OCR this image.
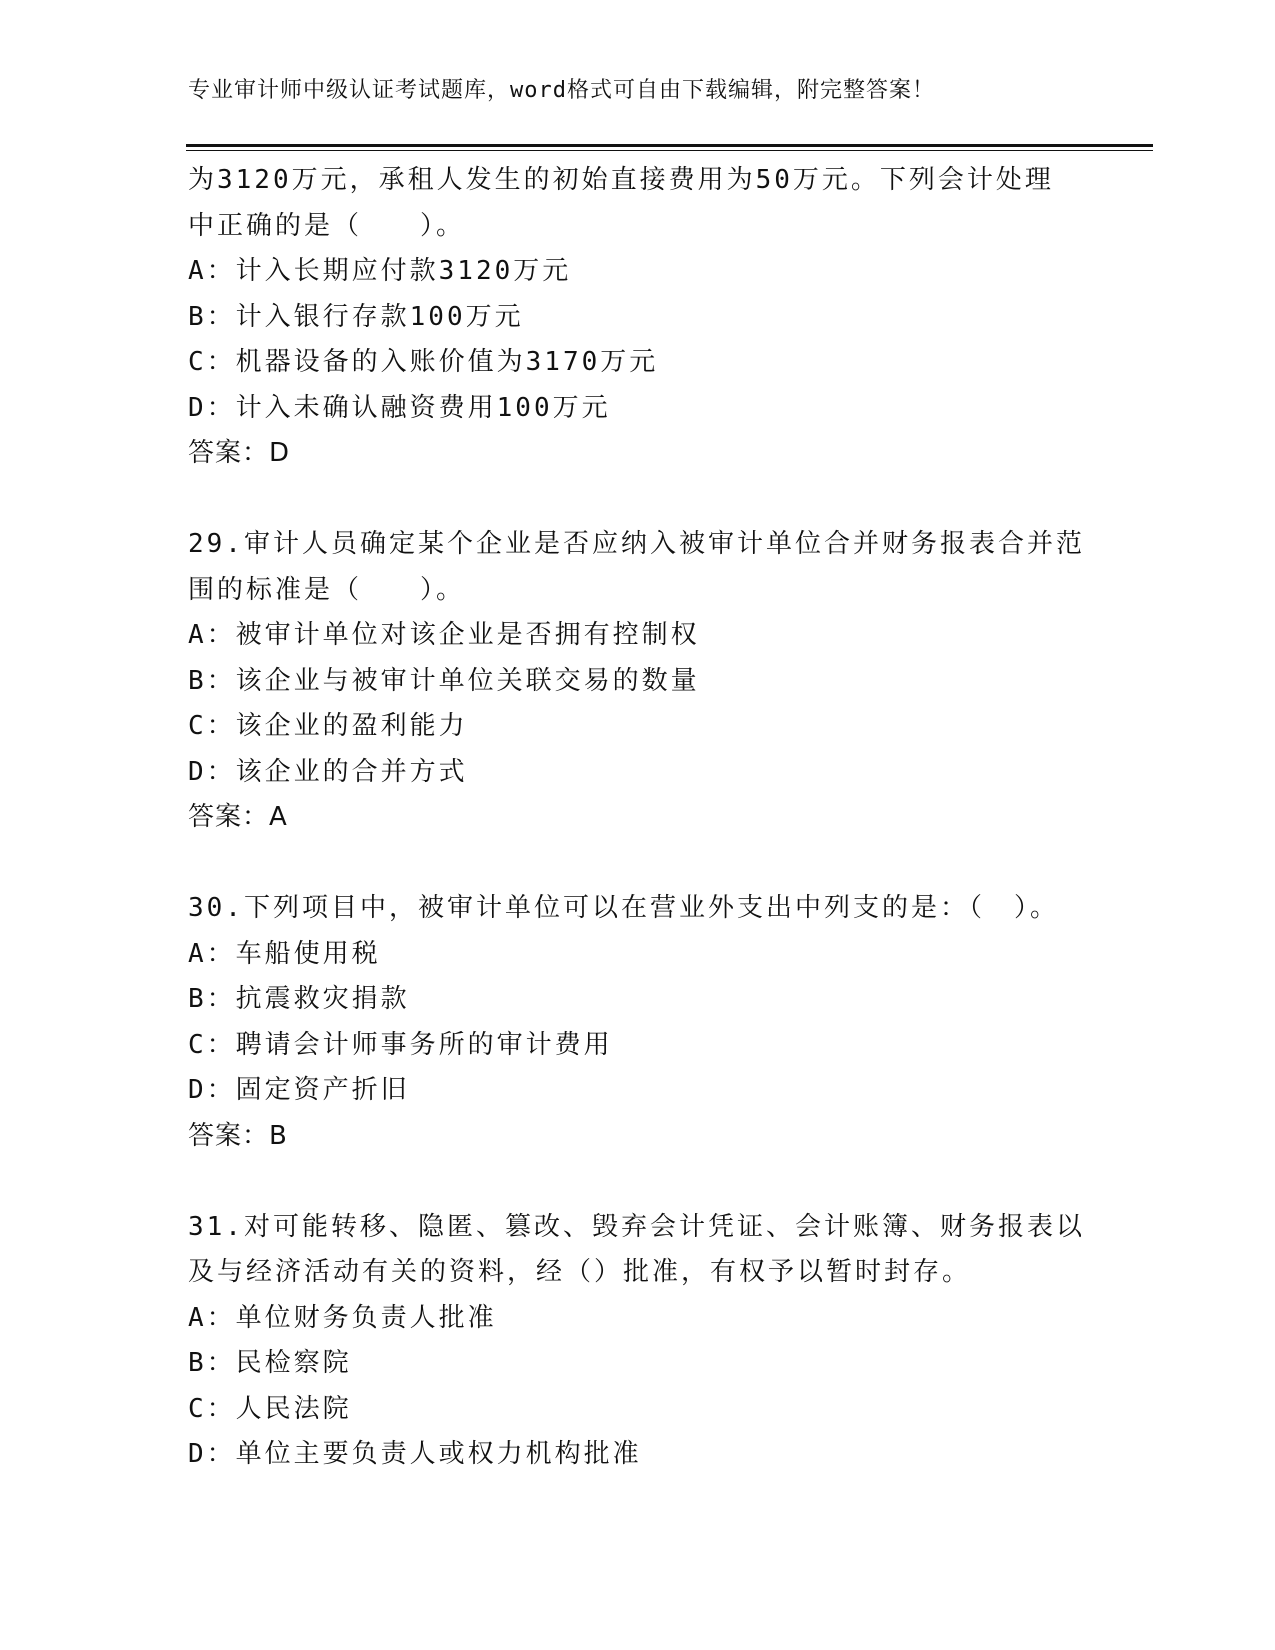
专业审计师中级认证考试题库，word格式可自由下载编辑，附完整答案！
为3120万元，承租人发生的初始直接费用为50万元。下列会计处理
中正确的是（　　）。
A：计入长期应付款3120万元
B：计入银行存款100万元
C：机器设备的入账价值为3170万元
D：计入未确认融资费用100万元
答案：D
29.审计人员确定某个企业是否应纳入被审计单位合并财务报表合并范
围的标准是（　　）。
A：被审计单位对该企业是否拥有控制权
B：该企业与被审计单位关联交易的数量
C：该企业的盈利能力
D：该企业的合并方式
答案：A
30.下列项目中，被审计单位可以在营业外支出中列支的是：（　）。
A：车船使用税
B：抗震救灾捐款
C：聘请会计师事务所的审计费用
D：固定资产折旧
答案：B
31.对可能转移、隐匿、篡改、毁弃会计凭证、会计账簿、财务报表以
及与经济活动有关的资料，经（）批准，有权予以暂时封存。
A：单位财务负责人批准
B：民检察院
C：人民法院
D：单位主要负责人或权力机构批准
